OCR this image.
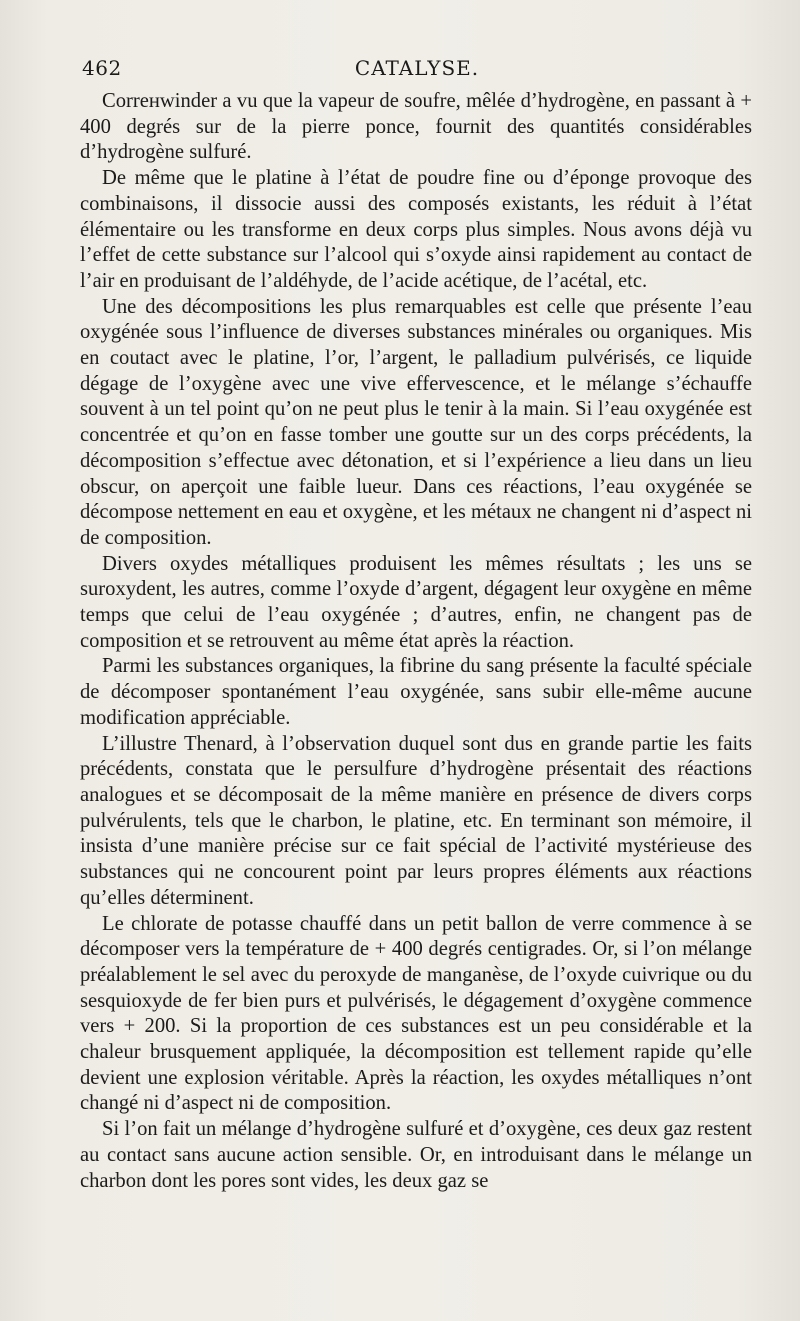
462	CATALYSE.

Corrенwinder a vu que la vapeur de soufre, mêlée d’hydrogène, en passant à + 400 degrés sur de la pierre ponce, fournit des quantités considérables d’hydrogène sulfuré.

De même que le platine à l’état de poudre fine ou d’éponge provoque des combinaisons, il dissocie aussi des composés existants, les réduit à l’état élémentaire ou les transforme en deux corps plus simples. Nous avons déjà vu l’effet de cette substance sur l’alcool qui s’oxyde ainsi rapidement au contact de l’air en produisant de l’aldéhyde, de l’acide acétique, de l’acétal, etc.

Une des décompositions les plus remarquables est celle que présente l’eau oxygénée sous l’influence de diverses substances minérales ou organiques. Mis en coutact avec le platine, l’or, l’argent, le palladium pulvérisés, ce liquide dégage de l’oxygène avec une vive effervescence, et le mélange s’échauffe souvent à un tel point qu’on ne peut plus le tenir à la main. Si l’eau oxygénée est concentrée et qu’on en fasse tomber une goutte sur un des corps précédents, la décomposition s’effectue avec détonation, et si l’expérience a lieu dans un lieu obscur, on aperçoit une faible lueur. Dans ces réactions, l’eau oxygénée se décompose nettement en eau et oxygène, et les métaux ne changent ni d’aspect ni de composition.

Divers oxydes métalliques produisent les mêmes résultats ; les uns se suroxydent, les autres, comme l’oxyde d’argent, dégagent leur oxygène en même temps que celui de l’eau oxygénée ; d’autres, enfin, ne changent pas de composition et se retrouvent au même état après la réaction.

Parmi les substances organiques, la fibrine du sang présente la faculté spéciale de décomposer spontanément l’eau oxygénée, sans subir elle-même aucune modification appréciable.

L’illustre Thenard, à l’observation duquel sont dus en grande partie les faits précédents, constata que le persulfure d’hydrogène présentait des réactions analogues et se décomposait de la même manière en présence de divers corps pulvérulents, tels que le charbon, le platine, etc. En terminant son mémoire, il insista d’une manière précise sur ce fait spécial de l’activité mystérieuse des substances qui ne concourent point par leurs propres éléments aux réactions qu’elles déterminent.

Le chlorate de potasse chauffé dans un petit ballon de verre commence à se décomposer vers la température de + 400 degrés centigrades. Or, si l’on mélange préalablement le sel avec du peroxyde de manganèse, de l’oxyde cuivrique ou du sesquioxyde de fer bien purs et pulvérisés, le dégagement d’oxygène commence vers + 200. Si la proportion de ces substances est un peu considérable et la chaleur brusquement appliquée, la décomposition est tellement rapide qu’elle devient une explosion véritable. Après la réaction, les oxydes métalliques n’ont changé ni d’aspect ni de composition.

Si l’on fait un mélange d’hydrogène sulfuré et d’oxygène, ces deux gaz restent au contact sans aucune action sensible. Or, en introduisant dans le mélange un charbon dont les pores sont vides, les deux gaz se
